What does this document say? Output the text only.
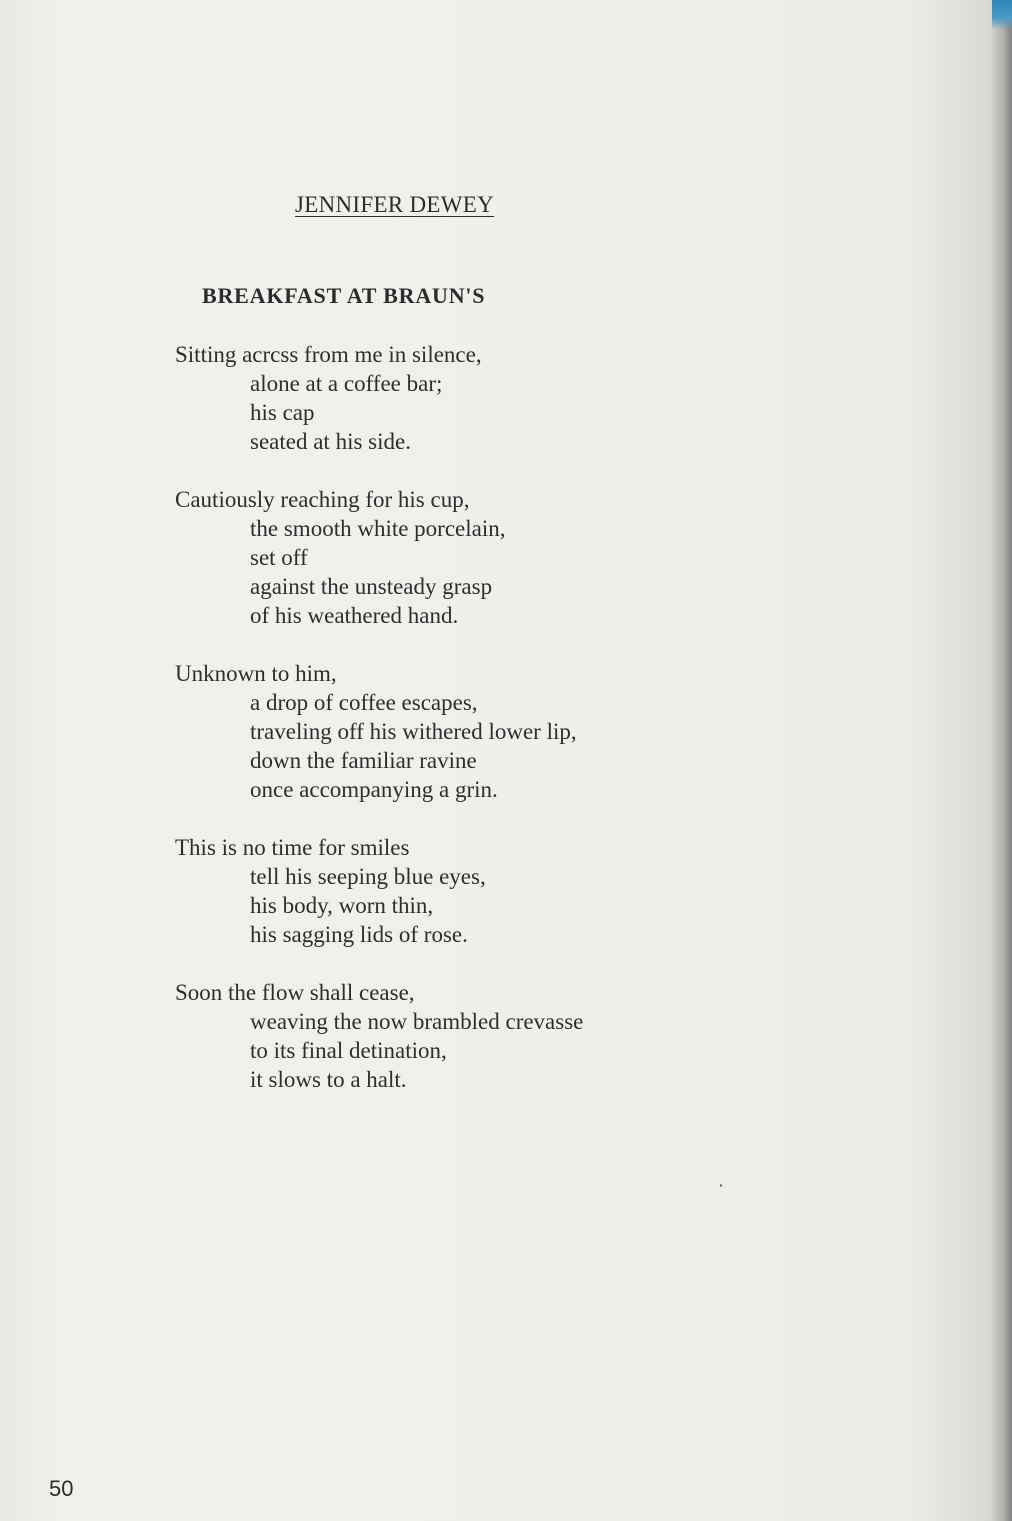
JENNIFER DEWEY
BREAKFAST AT BRAUN'S
Sitting acrcss from me in silence,
alone at a coffee bar;
his cap
seated at his side.
Cautiously reaching for his cup,
the smooth white porcelain,
set off
against the unsteady grasp
of his weathered hand.
Unknown to him,
a drop of coffee escapes,
traveling off his withered lower lip,
down the familiar ravine
once accompanying a grin.
This is no time for smiles
tell his seeping blue eyes,
his body, worn thin,
his sagging lids of rose.
Soon the flow shall cease,
weaving the now brambled crevasse
to its final detination,
it slows to a halt.
50
